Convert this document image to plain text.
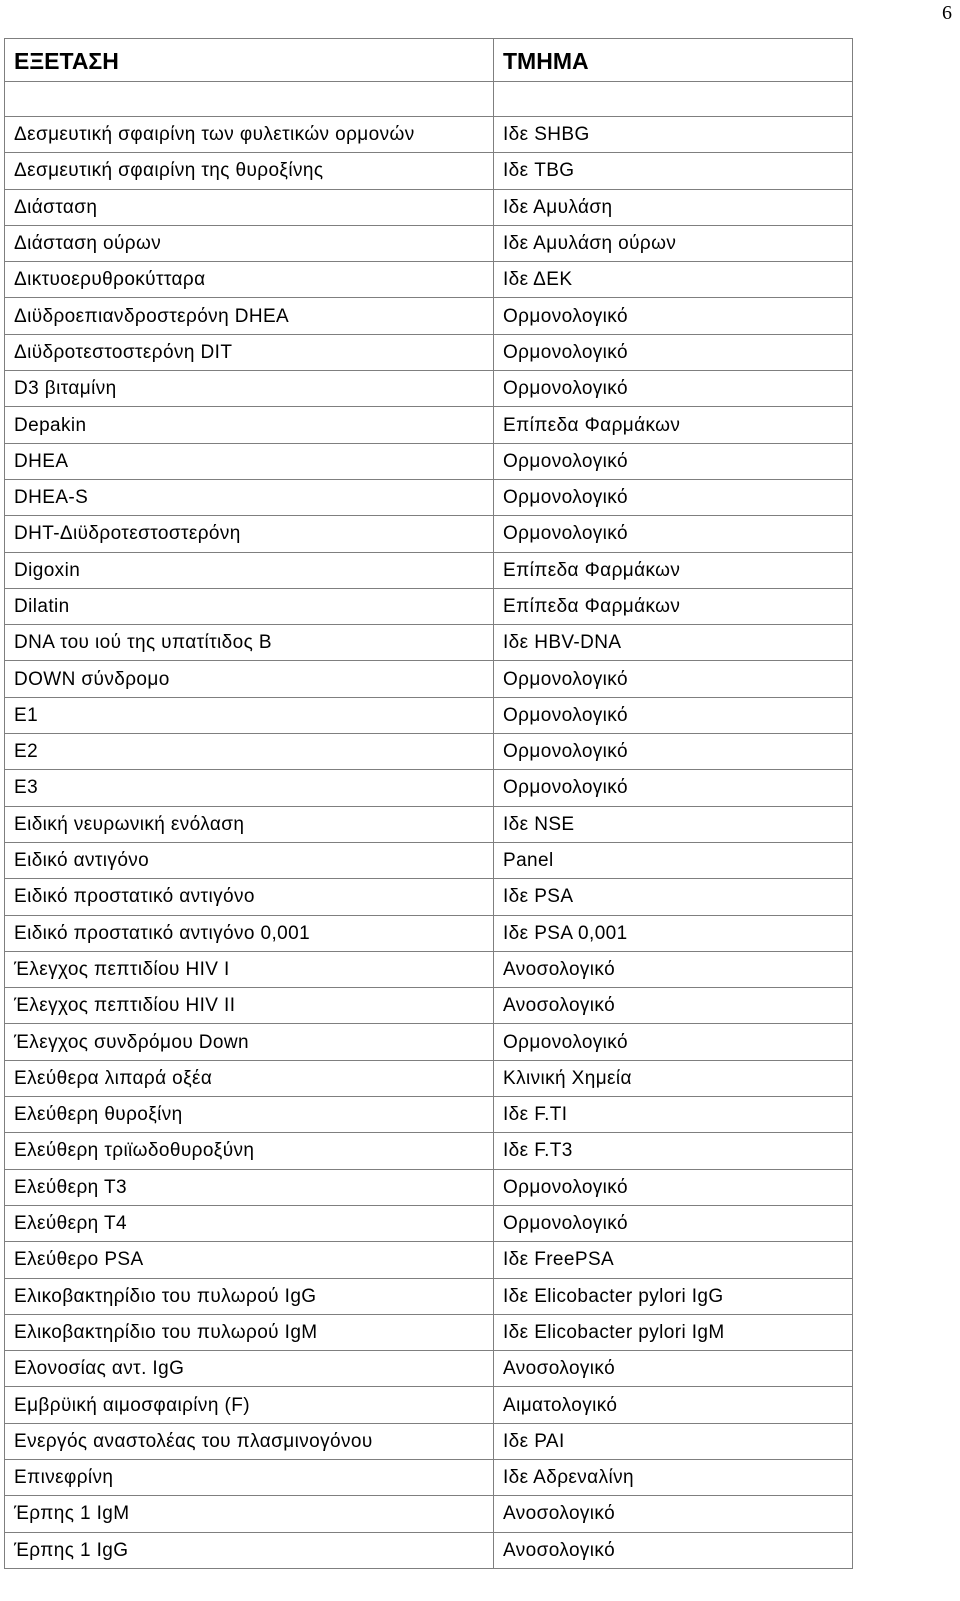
6
ΕΞΕΤΑΣΗ	ΤΜΗΜΑ

Δεσμευτική σφαιρίνη των φυλετικών ορμονών	Ιδε SHBG
Δεσμευτική σφαιρίνη της θυροξίνης	Ιδε TBG
Διάσταση	Ιδε Αμυλάση
Διάσταση ούρων	Ιδε Αμυλάση ούρων
Δικτυοερυθροκύτταρα	Ιδε ΔΕΚ
Διϋδροεπιανδροστερόνη DHEA	Ορμονολογικό
Διϋδροτεστοστερόνη DIT	Ορμονολογικό
D3 βιταμίνη	Ορμονολογικό
Depakin	Επίπεδα Φαρμάκων
DHEA	Ορμονολογικό
DHEA-S	Ορμονολογικό
DHT-Διϋδροτεστοστερόνη	Ορμονολογικό
Digoxin	Επίπεδα Φαρμάκων
Dilatin	Επίπεδα Φαρμάκων
DNA του ιού της υπατίτιδος Β	Ιδε HBV-DNA
DOWN σύνδρομο	Ορμονολογικό
E1	Ορμονολογικό
E2	Ορμονολογικό
E3	Ορμονολογικό
Ειδική νευρωνική ενόλαση	Ιδε NSE
Ειδικό αντιγόνο	Panel
Ειδικό προστατικό αντιγόνο	Ιδε PSA
Ειδικό προστατικό αντιγόνο 0,001	Ιδε PSA 0,001
Έλεγχος πεπτιδίου HIV I	Ανοσολογικό
Έλεγχος πεπτιδίου HIV II	Ανοσολογικό
Έλεγχος συνδρόμου Down	Ορμονολογικό
Ελεύθερα λιπαρά οξέα	Κλινική Χημεία
Ελεύθερη θυροξίνη	Ιδε F.TI
Ελεύθερη τριϊωδοθυροξύνη	Ιδε F.T3
Ελεύθερη Τ3	Ορμονολογικό
Ελεύθερη Τ4	Ορμονολογικό
Ελεύθερο PSA	Ιδε FreePSA
Ελικοβακτηρίδιο του πυλωρού IgG	Ιδε Elicobacter pylori IgG
Ελικοβακτηρίδιο του πυλωρού IgM	Ιδε Elicobacter pylori IgM
Ελονοσίας αντ. IgG	Ανοσολογικό
Εμβρϋική αιμοσφαιρίνη (F)	Αιματολογικό
Ενεργός αναστολέας του πλασμινογόνου	Ιδε PAI
Επινεφρίνη	Ιδε Αδρεναλίνη
Έρπης 1 IgM	Ανοσολογικό
Έρπης 1 IgG	Ανοσολογικό
